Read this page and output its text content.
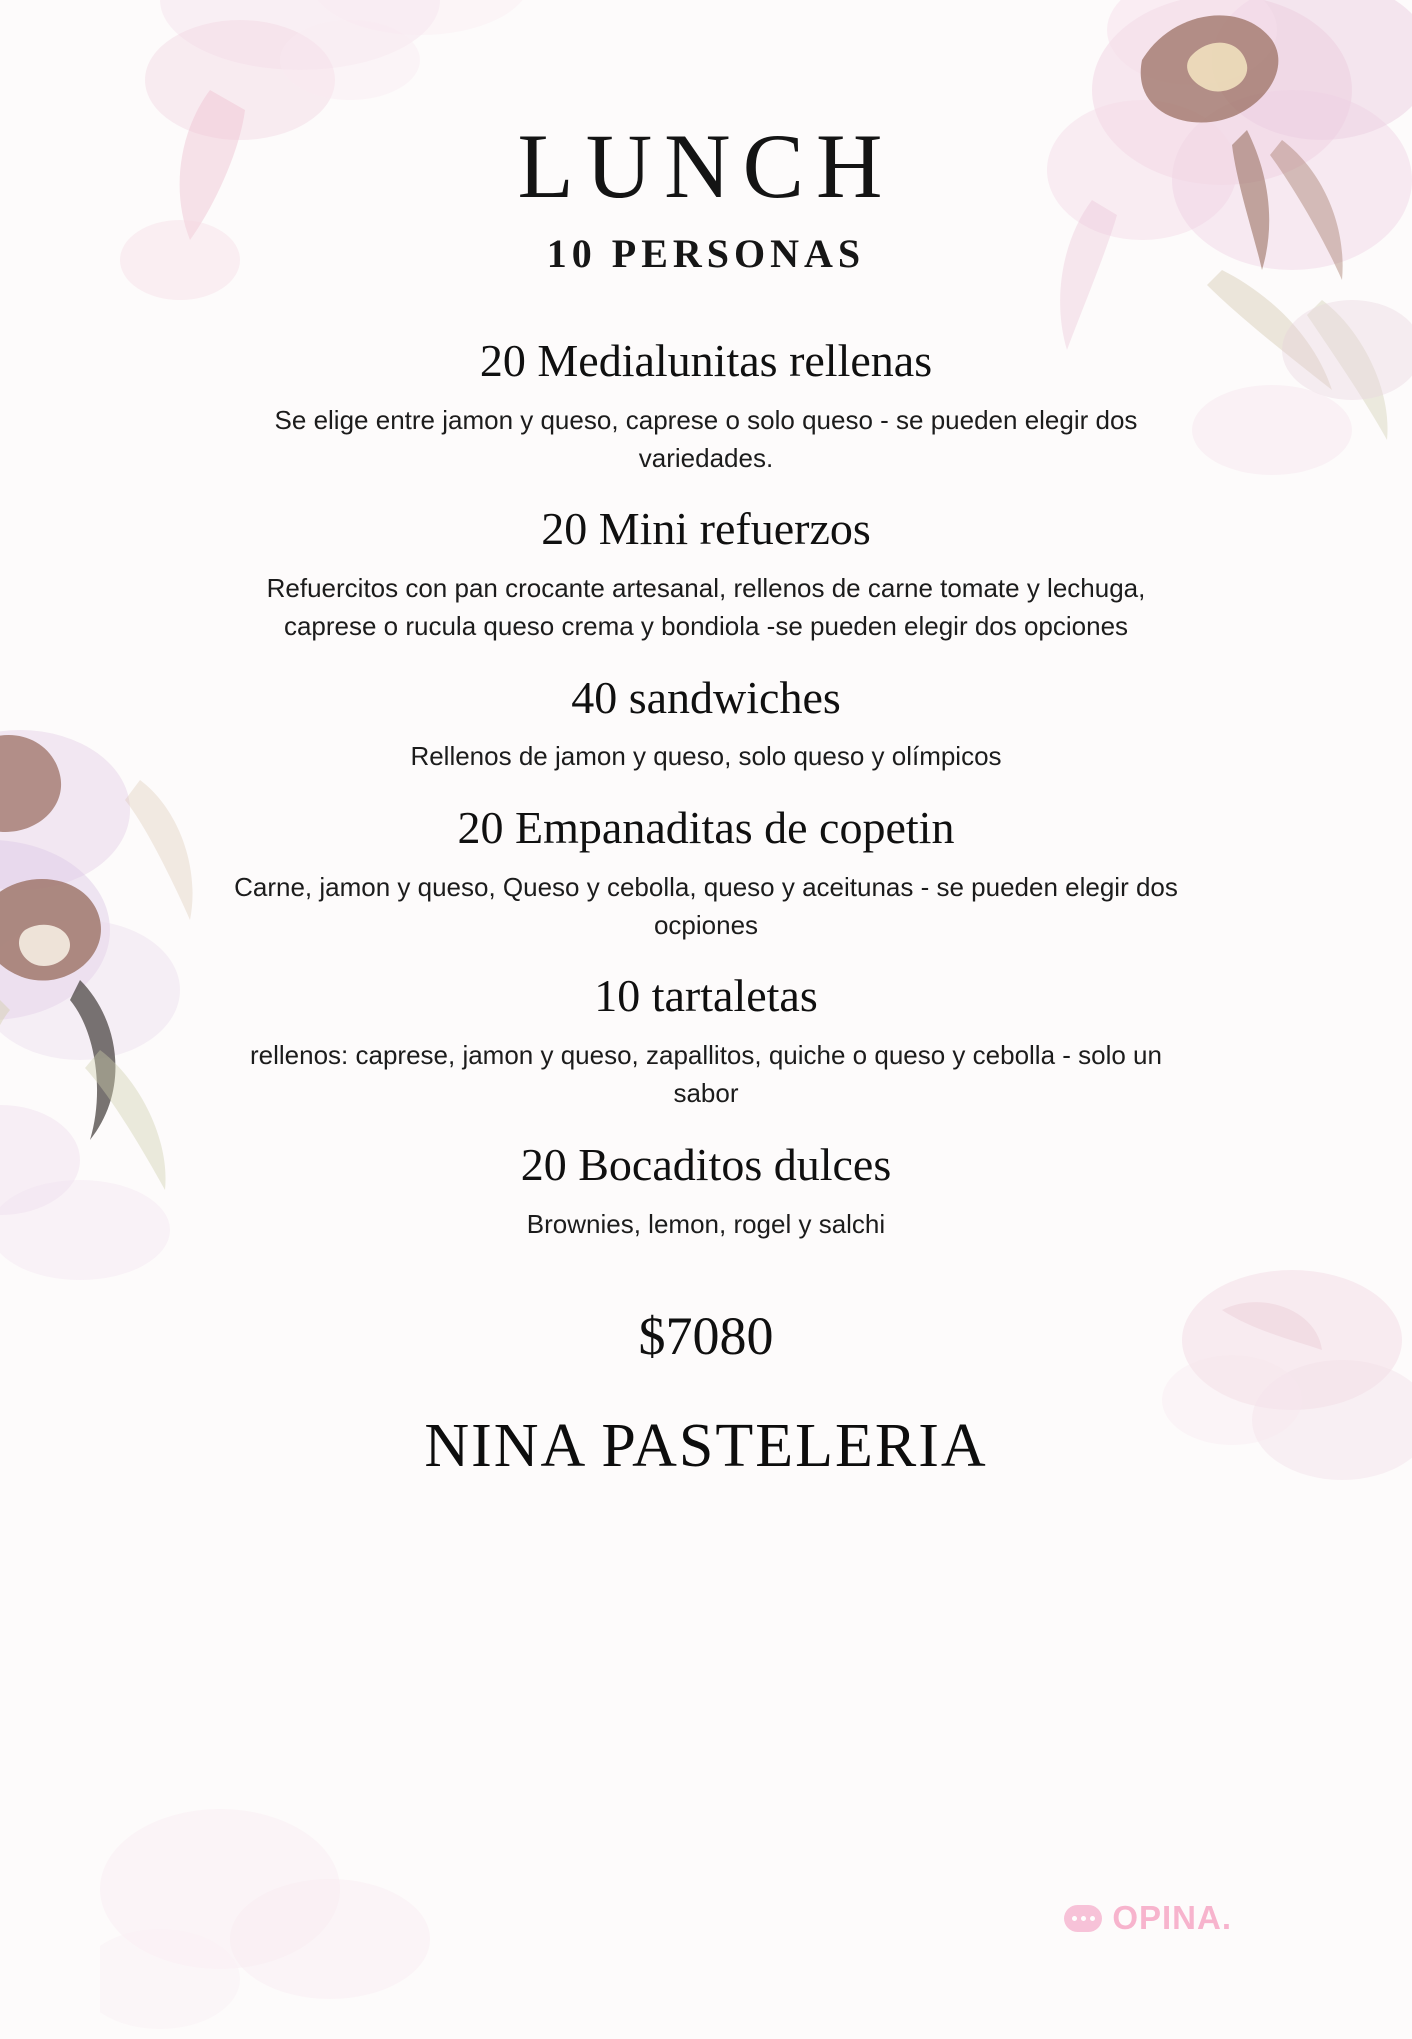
LUNCH
10 PERSONAS
20 Medialunitas rellenas
Se elige entre jamon y queso, caprese o solo queso - se pueden elegir dos variedades.
20 Mini refuerzos
Refuercitos con pan crocante artesanal, rellenos de carne tomate y lechuga, caprese o rucula queso crema y bondiola -se pueden elegir dos opciones
40 sandwiches
Rellenos de jamon y queso, solo queso y olímpicos
20 Empanaditas de copetin
Carne, jamon y queso, Queso y cebolla, queso y aceitunas - se pueden elegir dos ocpiones
10 tartaletas
rellenos: caprese, jamon y queso, zapallitos, quiche o queso y cebolla - solo un sabor
20 Bocaditos dulces
Brownies, lemon, rogel y salchi
$7080
NINA PASTELERIA
OPINA.
